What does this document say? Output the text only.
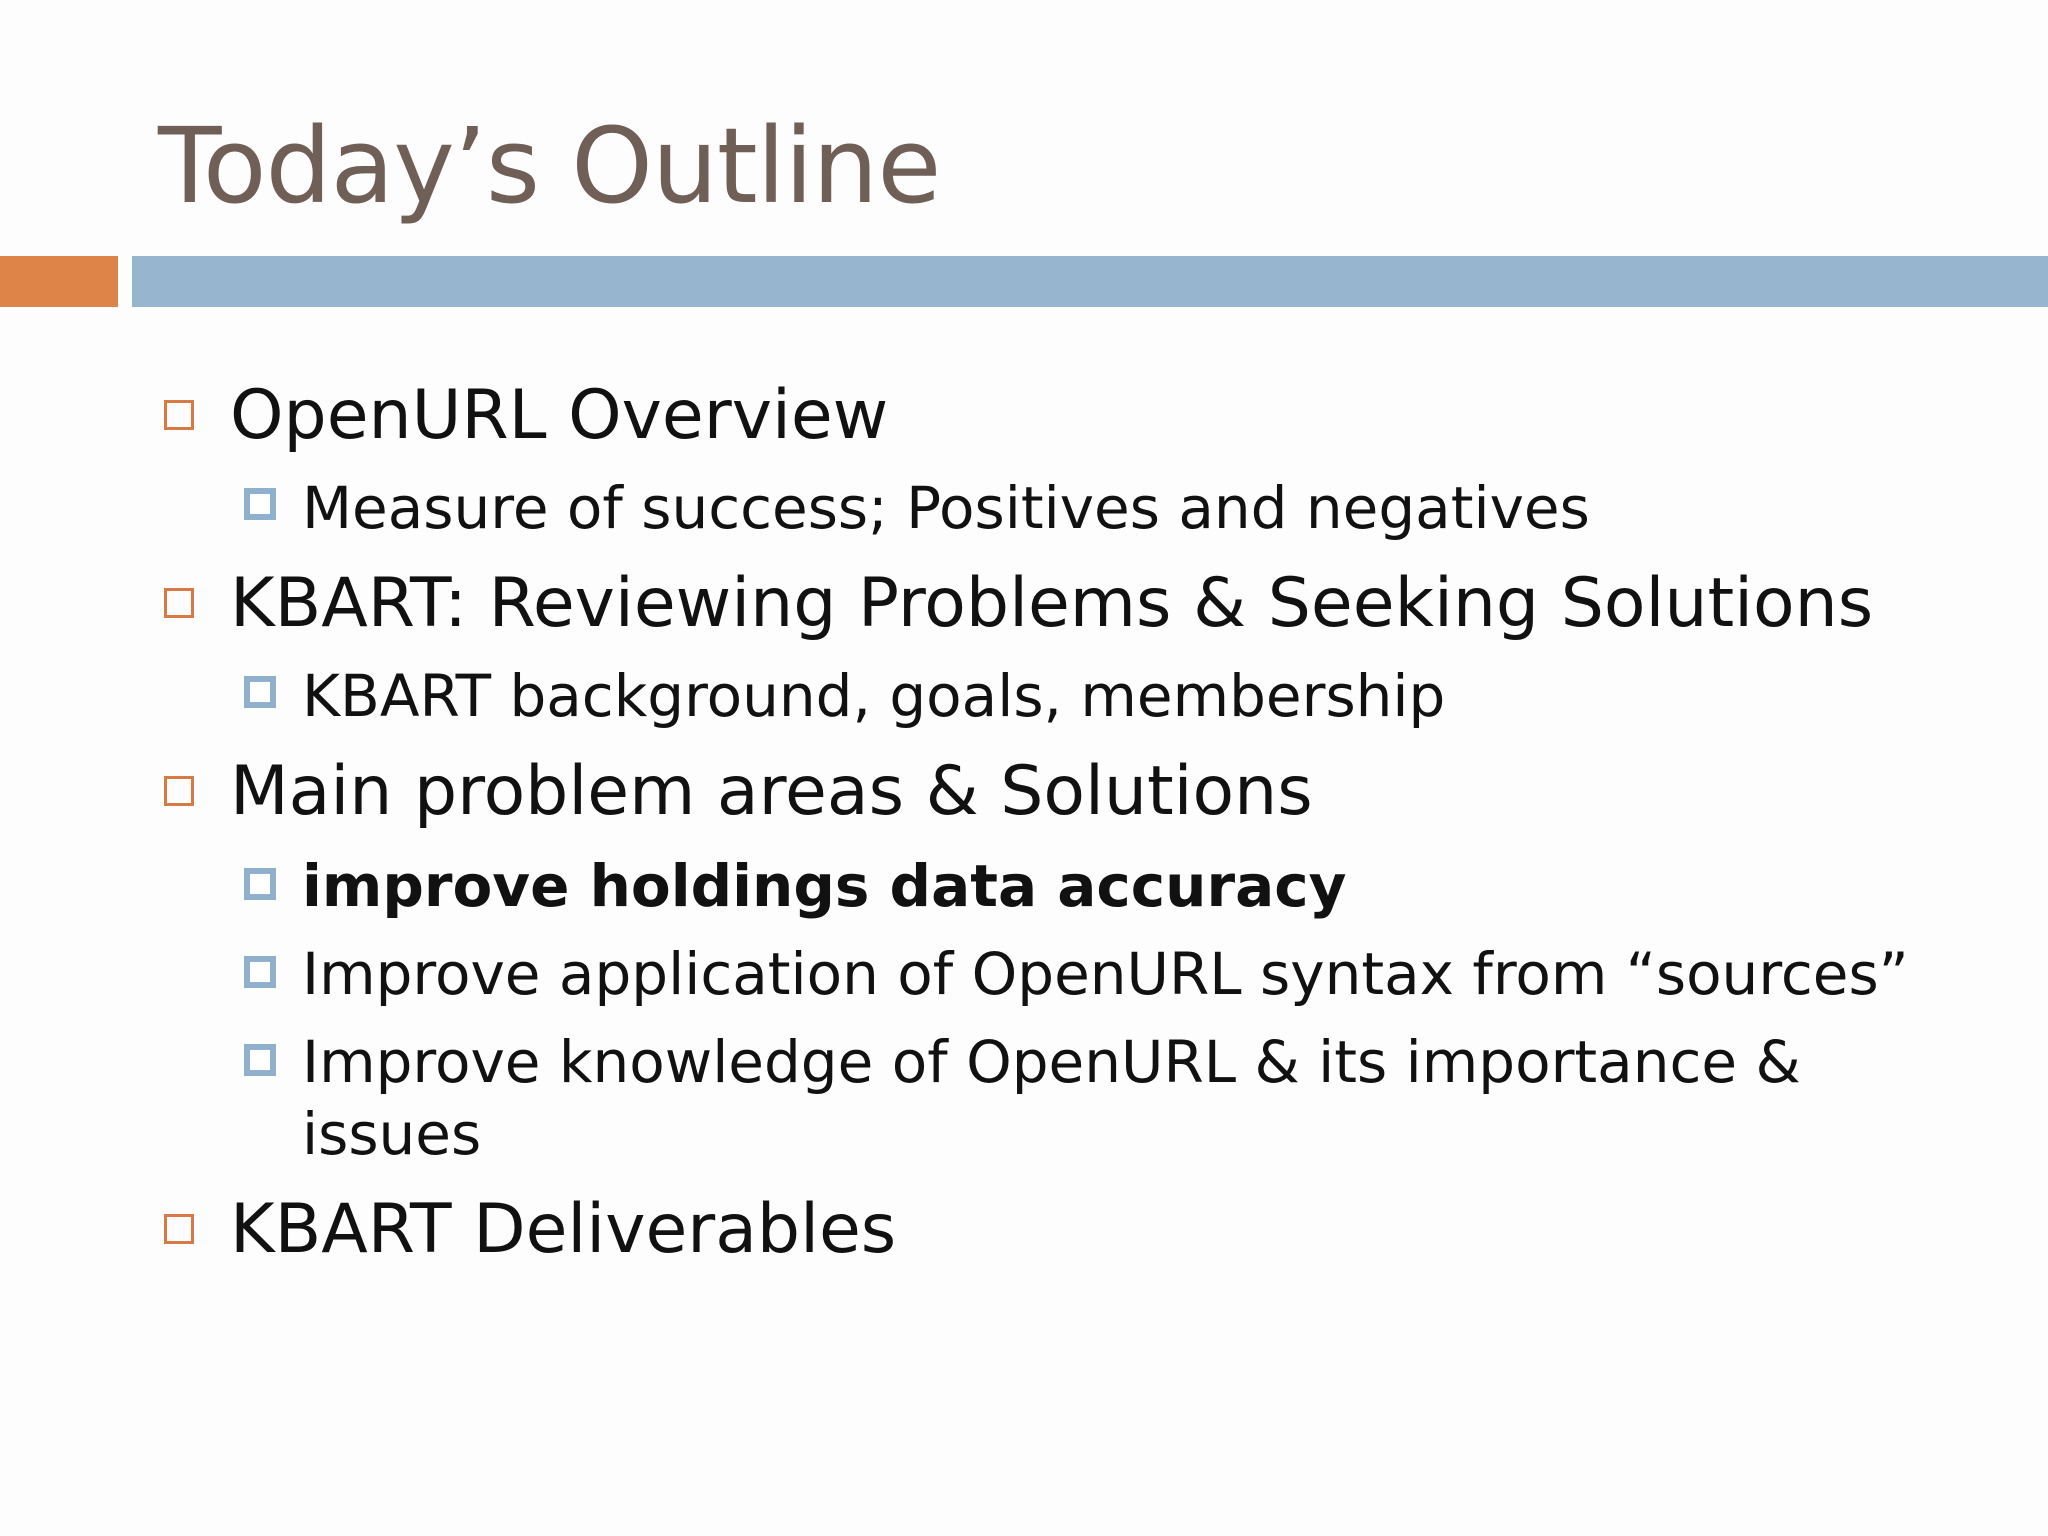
Today’s Outline
OpenURL Overview
Measure of success; Positives and negatives
KBART: Reviewing Problems & Seeking Solutions
KBART background, goals, membership
Main problem areas & Solutions
improve holdings data accuracy
Improve application of OpenURL syntax from “sources”
Improve knowledge of OpenURL & its importance & issues
KBART Deliverables
